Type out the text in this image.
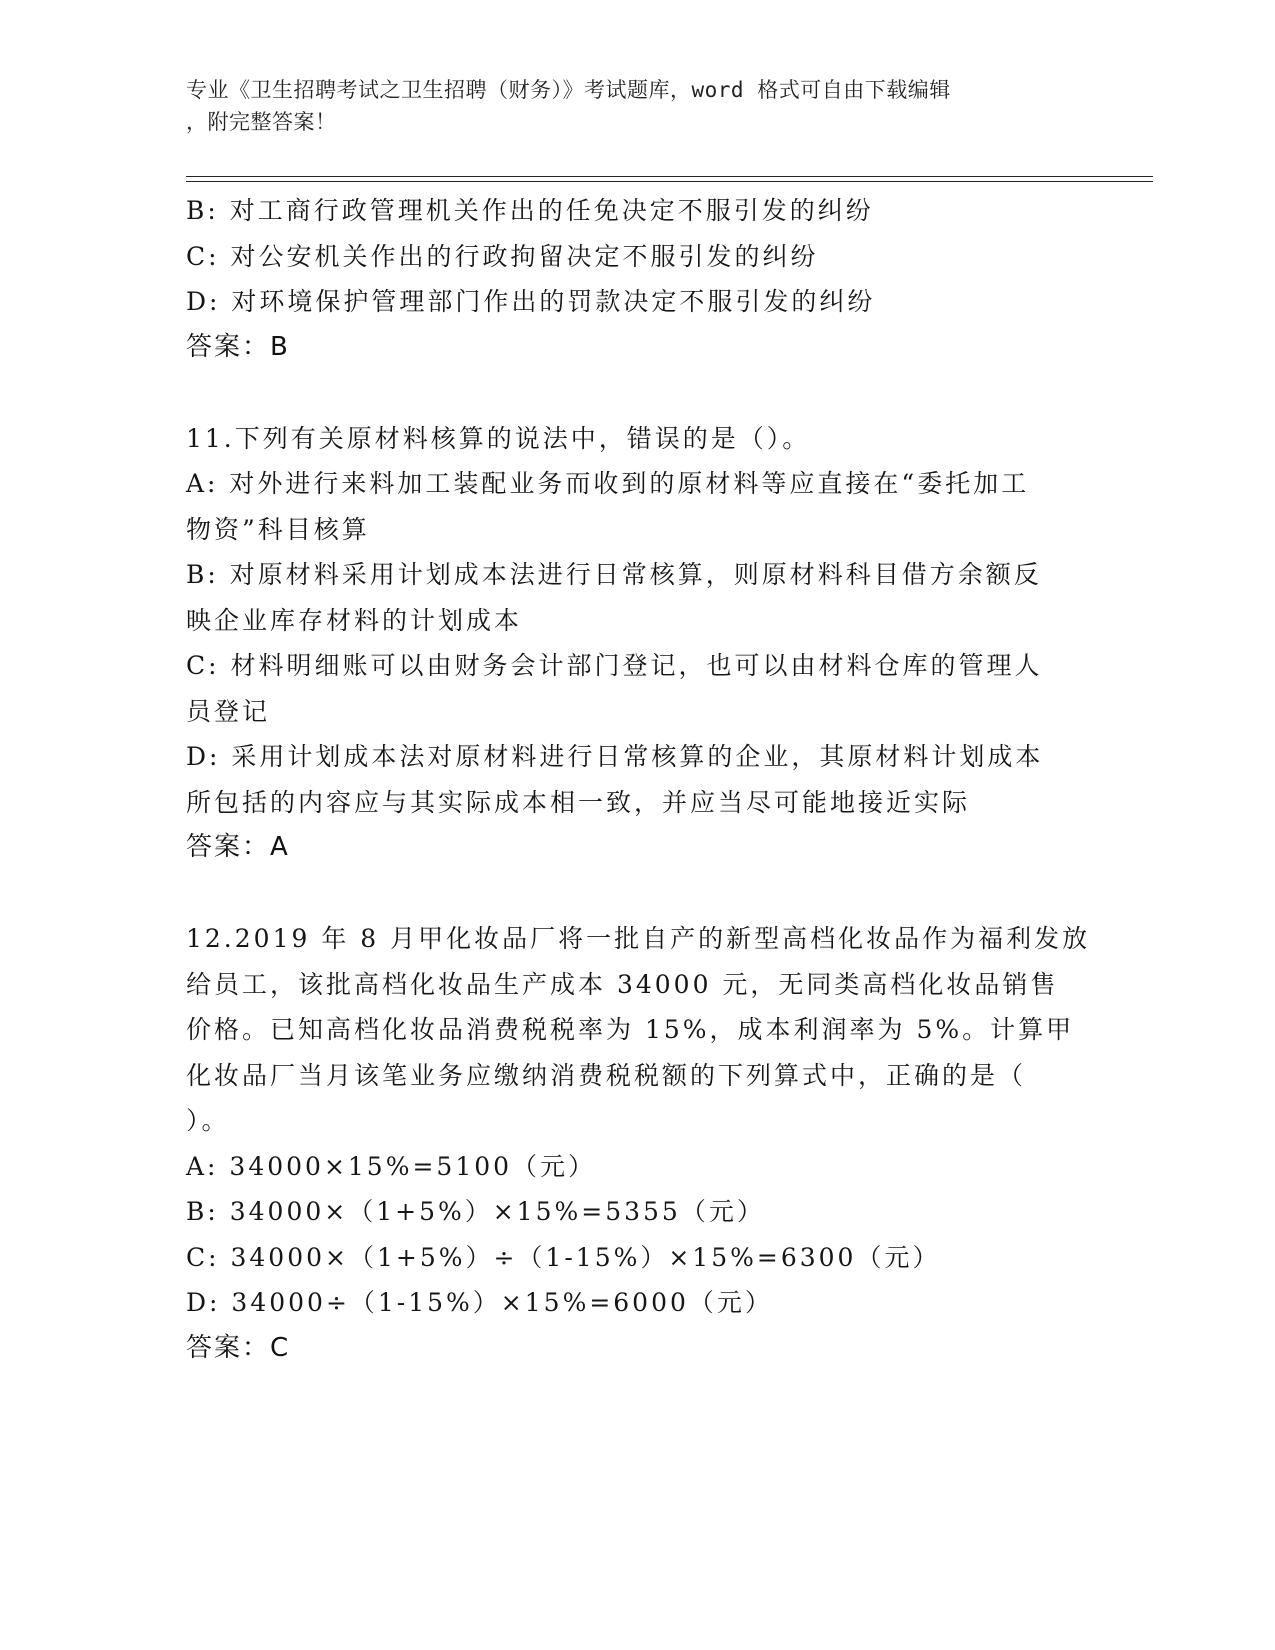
专业《卫生招聘考试之卫生招聘（财务）》考试题库，word 格式可自由下载编辑
，附完整答案！
B: 对工商行政管理机关作出的任免决定不服引发的纠纷
C: 对公安机关作出的行政拘留决定不服引发的纠纷
D: 对环境保护管理部门作出的罚款决定不服引发的纠纷
答案：B
11.下列有关原材料核算的说法中，错误的是（）。
A: 对外进行来料加工装配业务而收到的原材料等应直接在“委托加工
物资”科目核算
B: 对原材料采用计划成本法进行日常核算，则原材料科目借方余额反
映企业库存材料的计划成本
C: 材料明细账可以由财务会计部门登记，也可以由材料仓库的管理人
员登记
D: 采用计划成本法对原材料进行日常核算的企业，其原材料计划成本
所包括的内容应与其实际成本相一致，并应当尽可能地接近实际
答案：A
12.2019 年 8 月甲化妆品厂将一批自产的新型高档化妆品作为福利发放
给员工，该批高档化妆品生产成本 34000 元，无同类高档化妆品销售
价格。已知高档化妆品消费税税率为 15%，成本利润率为 5%。计算甲
化妆品厂当月该笔业务应缴纳消费税税额的下列算式中，正确的是（
）。
A: 34000×15%=5100（元）
B: 34000×（1+5%）×15%=5355（元）
C: 34000×（1+5%）÷（1-15%）×15%=6300（元）
D: 34000÷（1-15%）×15%=6000（元）
答案：C
